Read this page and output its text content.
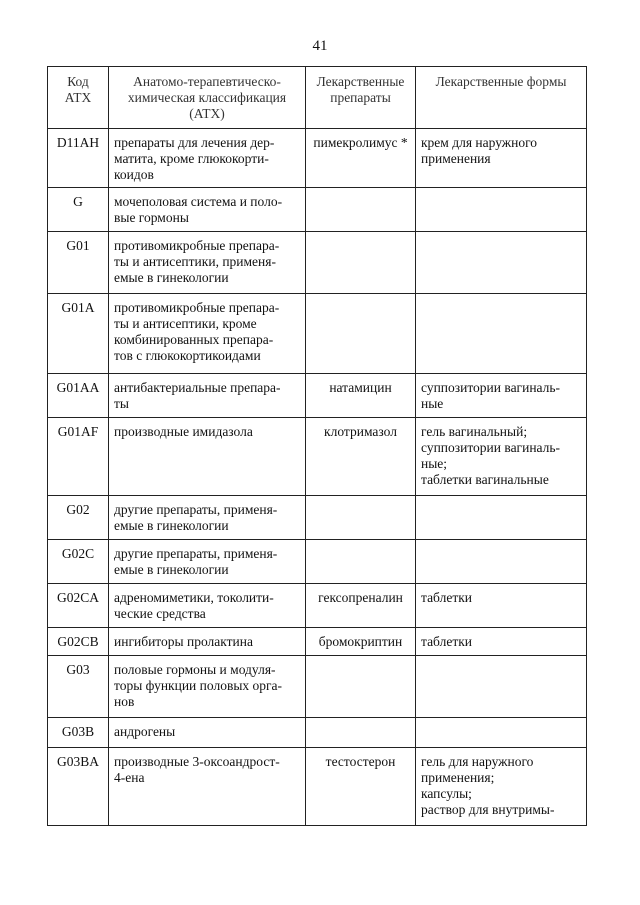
41
Код
АТХ	Анатомо-терапевтическо-
химическая классификация
(АТХ)	Лекарственные
препараты	Лекарственные формы
D11AH	препараты для лечения дер-
матита, кроме глюкокорти-
коидов	пимекролимус *	крем для наружного
применения
G	мочеполовая система и поло-
вые гормоны		
G01	противомикробные препара-
ты и антисептики, применя-
емые в гинекологии		
G01A	противомикробные препара-
ты и антисептики, кроме
комбинированных препара-
тов с глюкокортикоидами		
G01AA	антибактериальные препара-
ты	натамицин	суппозитории вагиналь-
ные
G01AF	производные имидазола	клотримазол	гель вагинальный;
суппозитории вагиналь-
ные;
таблетки вагинальные
G02	другие препараты, применя-
емые в гинекологии		
G02C	другие препараты, применя-
емые в гинекологии		
G02CA	адреномиметики, токолити-
ческие средства	гексопреналин	таблетки
G02CB	ингибиторы пролактина	бромокриптин	таблетки
G03	половые гормоны и модуля-
торы функции половых орга-
нов		
G03B	андрогены		
G03BA	производные 3-оксоандрост-
4-ена	тестостерон	гель для наружного
применения;
капсулы;
раствор для внутримы-
